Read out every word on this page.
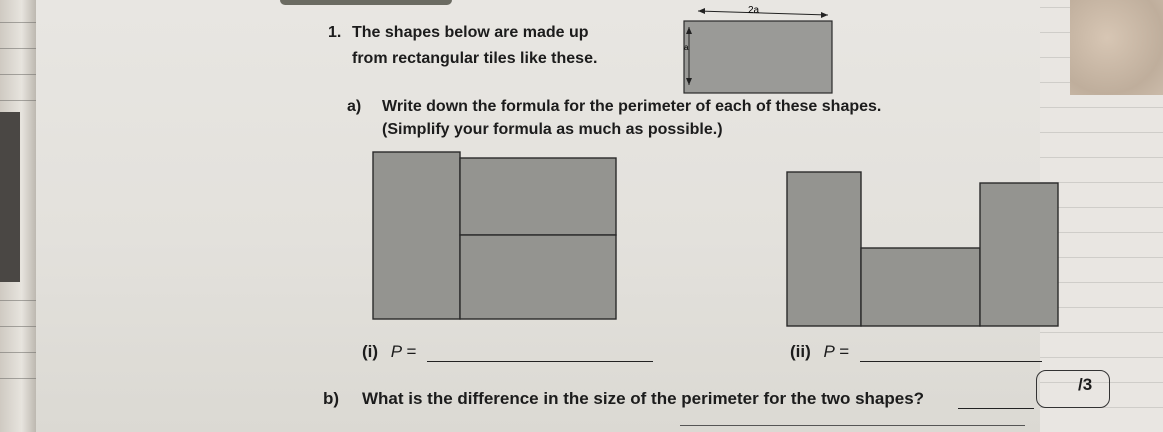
1. The shapes below are made up
from rectangular tiles like these.
a) Write down the formula for the perimeter of each of these shapes.
(Simplify your formula as much as possible.)
2a
a
(i) P =	(ii) P =
b) What is the difference in the size of the perimeter for the two shapes?
/3
